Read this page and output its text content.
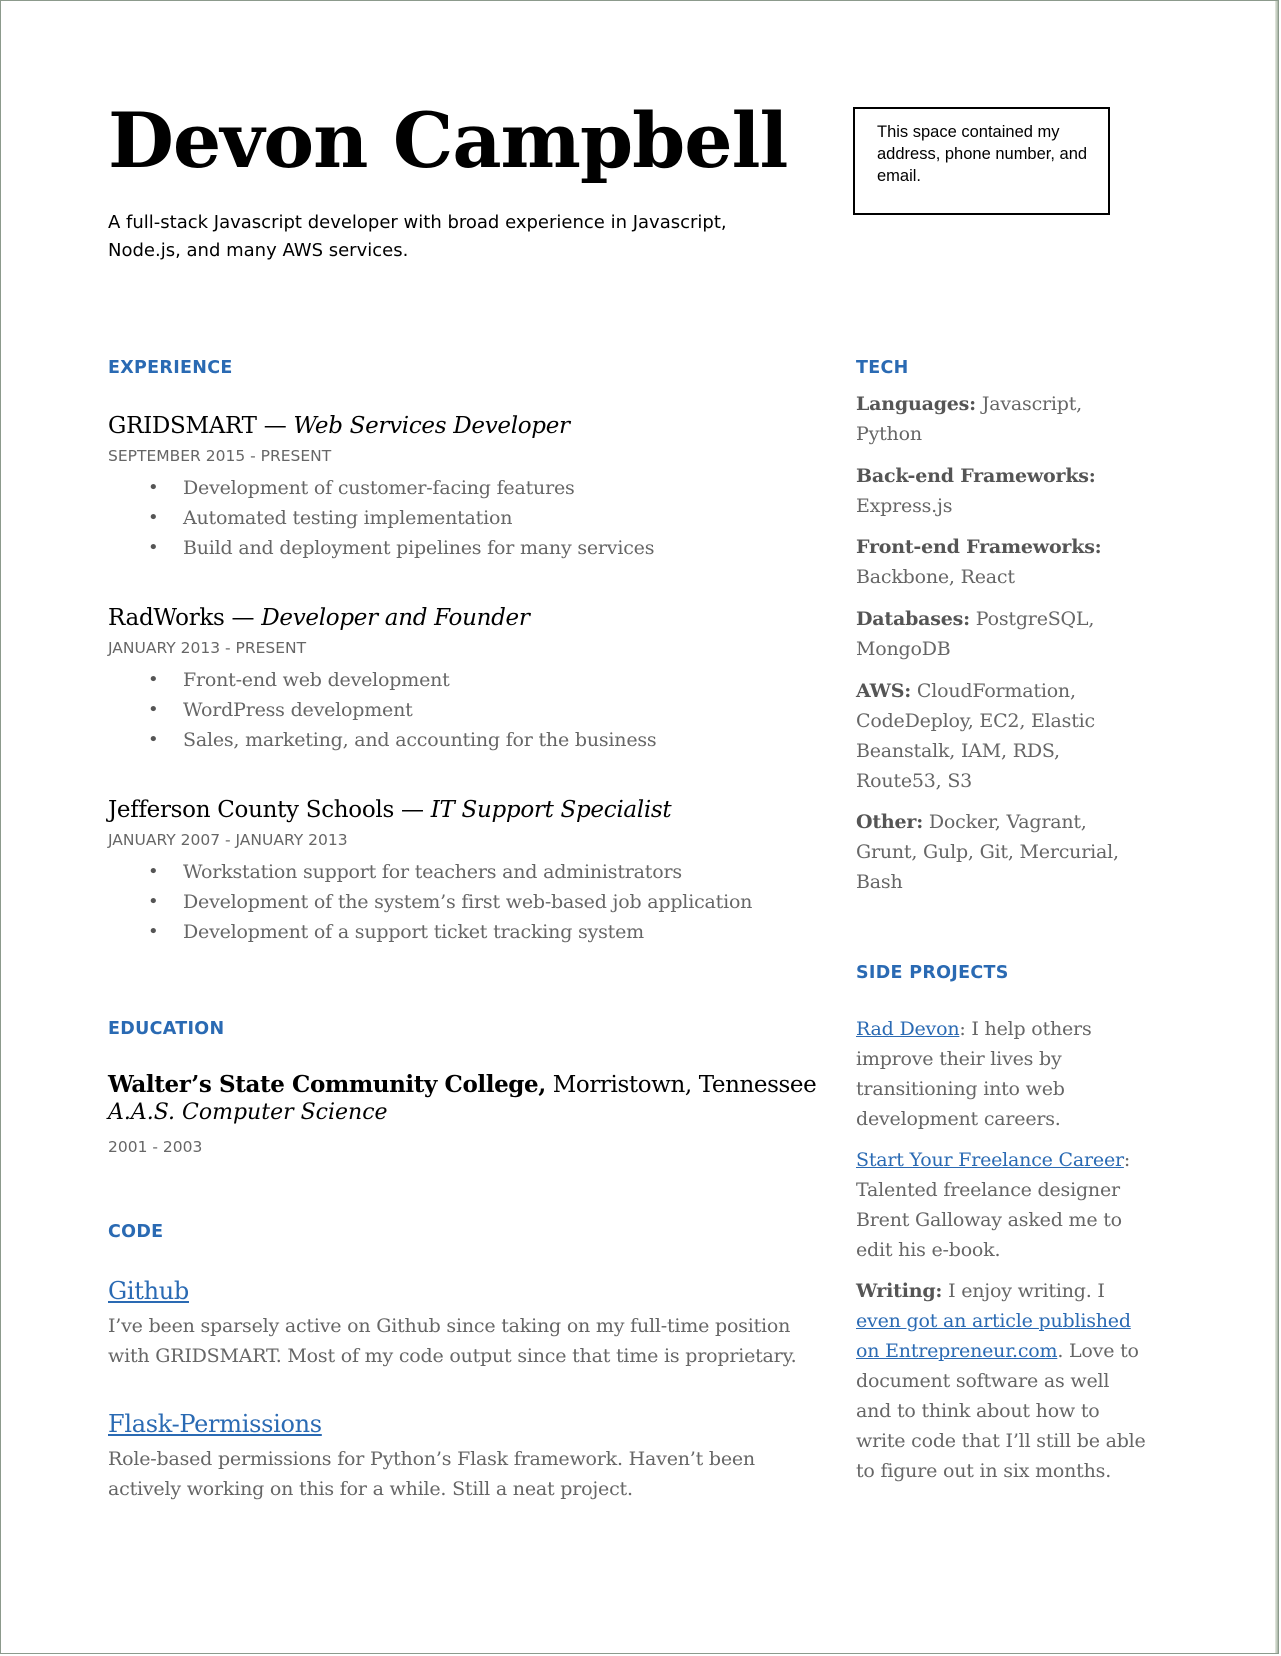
Devon Campbell

A full-stack Javascript developer with broad experience in Javascript, Node.js, and many AWS services.

This space contained my address, phone number, and email.
EXPERIENCE

GRIDSMART — Web Services Developer

SEPTEMBER 2015 - PRESENT

• Development of customer-facing features
• Automated testing implementation
• Build and deployment pipelines for many services

RadWorks — Developer and Founder

JANUARY 2013 - PRESENT

• Front-end web development
• WordPress development
• Sales, marketing, and accounting for the business

Jefferson County Schools — IT Support Specialist

JANUARY 2007 - JANUARY 2013

• Workstation support for teachers and administrators
• Development of the system’s first web-based job application
• Development of a support ticket tracking system
EDUCATION

Walter’s State Community College, Morristown, Tennessee

A.A.S. Computer Science

2001 - 2003

CODE

Github

I’ve been sparsely active on Github since taking on my full-time position with GRIDSMART. Most of my code output since that time is proprietary.

Flask-Permissions

Role-based permissions for Python’s Flask framework. Haven’t been actively working on this for a while. Still a neat project.

TECH

Languages: Javascript, Python

Back-end Frameworks: Express.js

Front-end Frameworks: Backbone, React

Databases: PostgreSQL, MongoDB

AWS: CloudFormation, CodeDeploy, EC2, Elastic Beanstalk, IAM, RDS, Route53, S3

Other: Docker, Vagrant, Grunt, Gulp, Git, Mercurial, Bash

SIDE PROJECTS

Rad Devon: I help others improve their lives by transitioning into web development careers.

Start Your Freelance Career: Talented freelance designer Brent Galloway asked me to edit his e-book.

Writing: I enjoy writing. I even got an article published on Entrepreneur.com. Love to document software as well and to think about how to write code that I’ll still be able to figure out in six months.
